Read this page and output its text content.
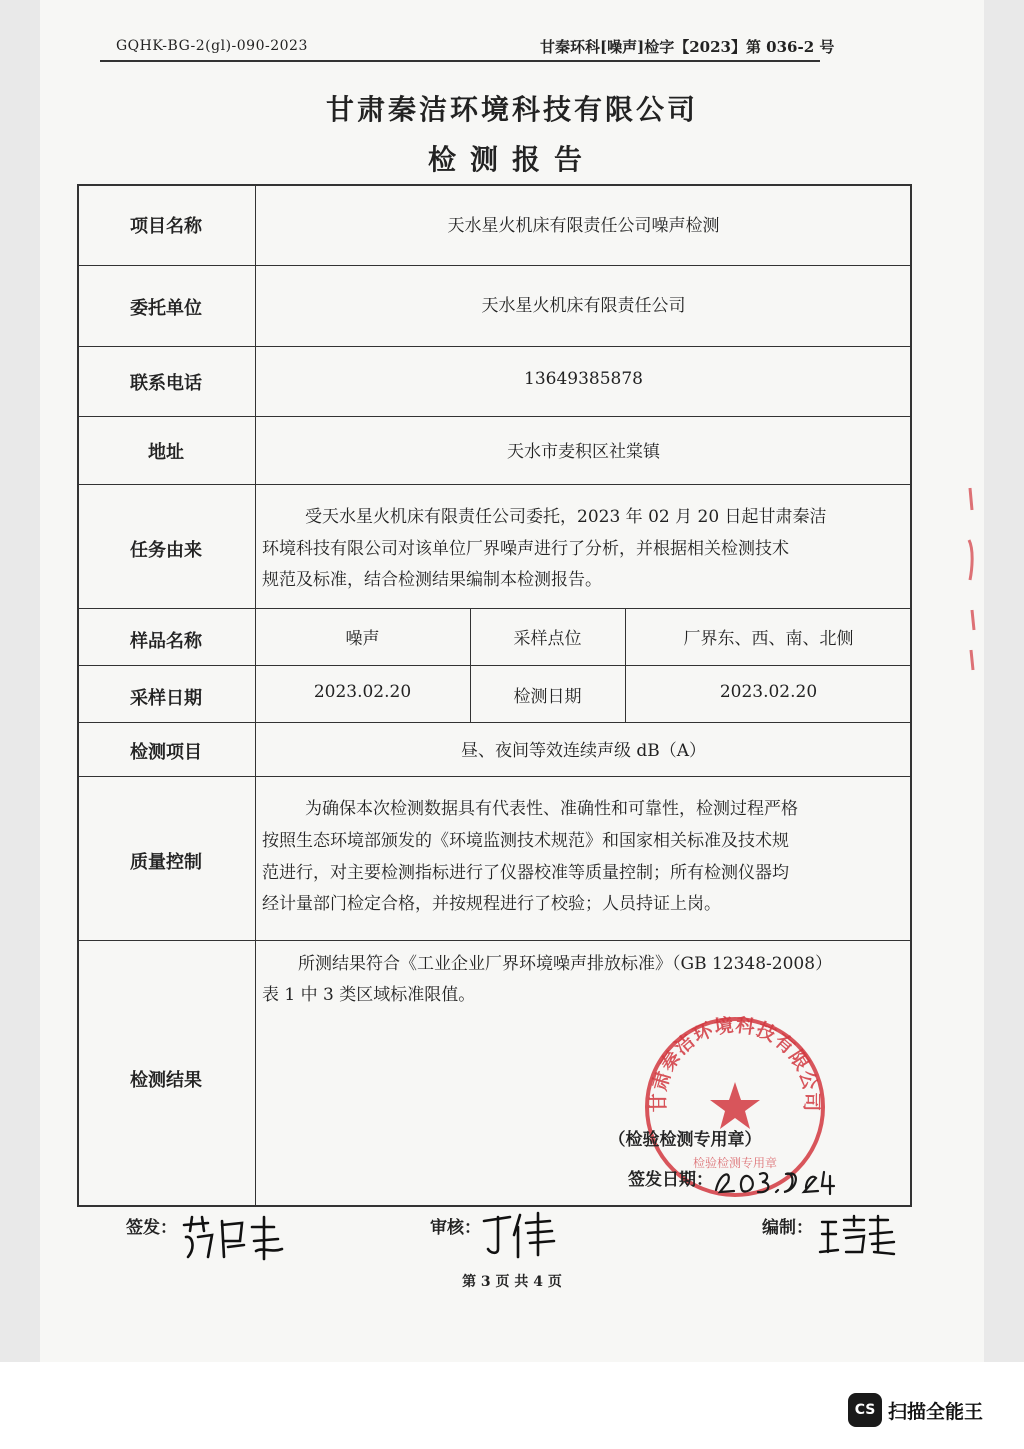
GQHK-BG-2(gl)-090-2023	甘秦环科[噪声]检字【2023】第 036-2 号
甘肃秦洁环境科技有限公司
检测报告
项目名称	天水星火机床有限责任公司噪声检测
委托单位	天水星火机床有限责任公司
联系电话	13649385878
地址	天水市麦积区社棠镇
任务由来
受天水星火机床有限责任公司委托，2023 年 02 月 20 日起甘肃秦洁
环境科技有限公司对该单位厂界噪声进行了分析，并根据相关检测技术
规范及标准，结合检测结果编制本检测报告。
样品名称	噪声	采样点位	厂界东、西、南、北侧
采样日期	2023.02.20	检测日期	2023.02.20
检测项目	昼、夜间等效连续声级 dB（A）
质量控制
为确保本次检测数据具有代表性、准确性和可靠性，检测过程严格
按照生态环境部颁发的《环境监测技术规范》和国家相关标准及技术规
范进行，对主要检测指标进行了仪器校准等质量控制；所有检测仪器均
经计量部门检定合格，并按规程进行了校验；人员持证上岗。
检测结果
所测结果符合《工业企业厂界环境噪声排放标准》（GB 12348-2008）
表 1 中 3 类区域标准限值。
甘肃秦洁环境科技有限公司
检验检测专用章
（检验检测专用章）
签发日期：
签发：	审核：	编制：
第 3 页 共 4 页
CS 扫描全能王
